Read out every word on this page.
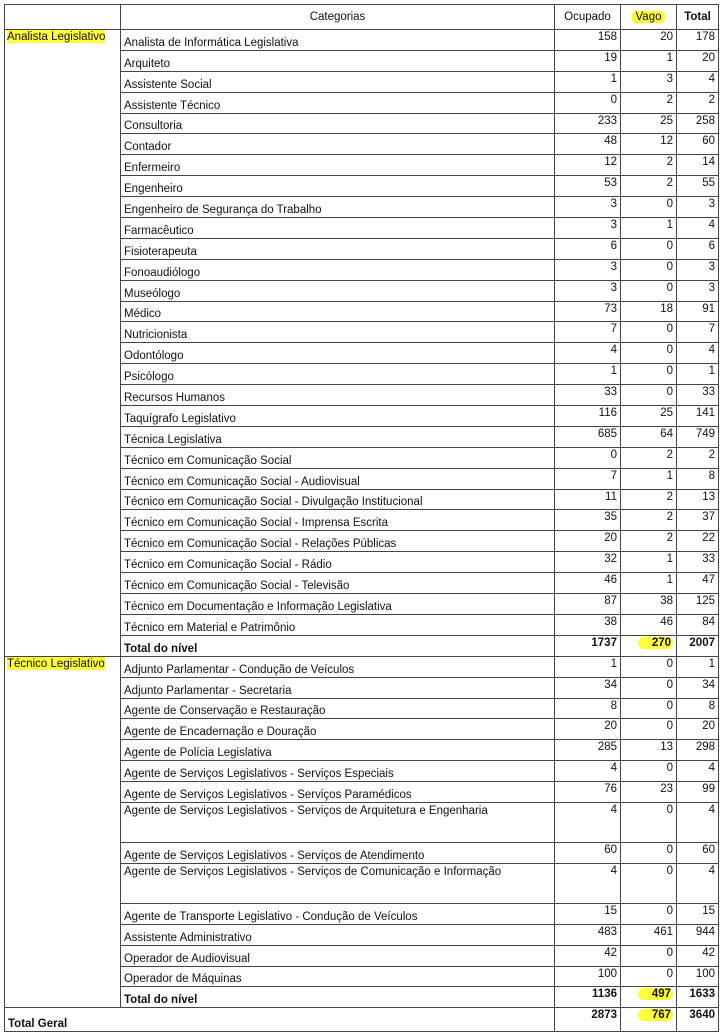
	Categorias	Ocupado	Vago	Total
Analista Legislativo	Analista de Informática Legislativa	158	20	178
	Arquiteto	19	1	20
	Assistente Social	1	3	4
	Assistente Técnico	0	2	2
	Consultoria	233	25	258
	Contador	48	12	60
	Enfermeiro	12	2	14
	Engenheiro	53	2	55
	Engenheiro de Segurança do Trabalho	3	0	3
	Farmacêutico	3	1	4
	Fisioterapeuta	6	0	6
	Fonoaudiólogo	3	0	3
	Museólogo	3	0	3
	Médico	73	18	91
	Nutricionista	7	0	7
	Odontólogo	4	0	4
	Psicólogo	1	0	1
	Recursos Humanos	33	0	33
	Taquígrafo Legislativo	116	25	141
	Técnica Legislativa	685	64	749
	Técnico em Comunicação Social	0	2	2
	Técnico em Comunicação Social - Audiovisual	7	1	8
	Técnico em Comunicação Social - Divulgação Institucional	11	2	13
	Técnico em Comunicação Social - Imprensa Escrita	35	2	37
	Técnico em Comunicação Social - Relações Públicas	20	2	22
	Técnico em Comunicação Social - Rádio	32	1	33
	Técnico em Comunicação Social - Televisão	46	1	47
	Técnico em Documentação e Informação Legislativa	87	38	125
	Técnico em Material e Patrimônio	38	46	84
	Total do nível	1737	270	2007
Técnico Legislativo	Adjunto Parlamentar - Condução de Veículos	1	0	1
	Adjunto Parlamentar - Secretaria	34	0	34
	Agente de Conservação e Restauração	8	0	8
	Agente de Encadernação e Douração	20	0	20
	Agente de Polícia Legislativa	285	13	298
	Agente de Serviços Legislativos - Serviços Especiais	4	0	4
	Agente de Serviços Legislativos - Serviços Paramédicos	76	23	99
	Agente de Serviços Legislativos - Serviços de Arquitetura e Engenharia	4	0	4
	Agente de Serviços Legislativos - Serviços de Atendimento	60	0	60
	Agente de Serviços Legislativos - Serviços de Comunicação e Informação	4	0	4
	Agente de Transporte Legislativo - Condução de Veículos	15	0	15
	Assistente Administrativo	483	461	944
	Operador de Audiovisual	42	0	42
	Operador de Máquinas	100	0	100
	Total do nível	1136	497	1633
Total Geral		2873	767	3640
